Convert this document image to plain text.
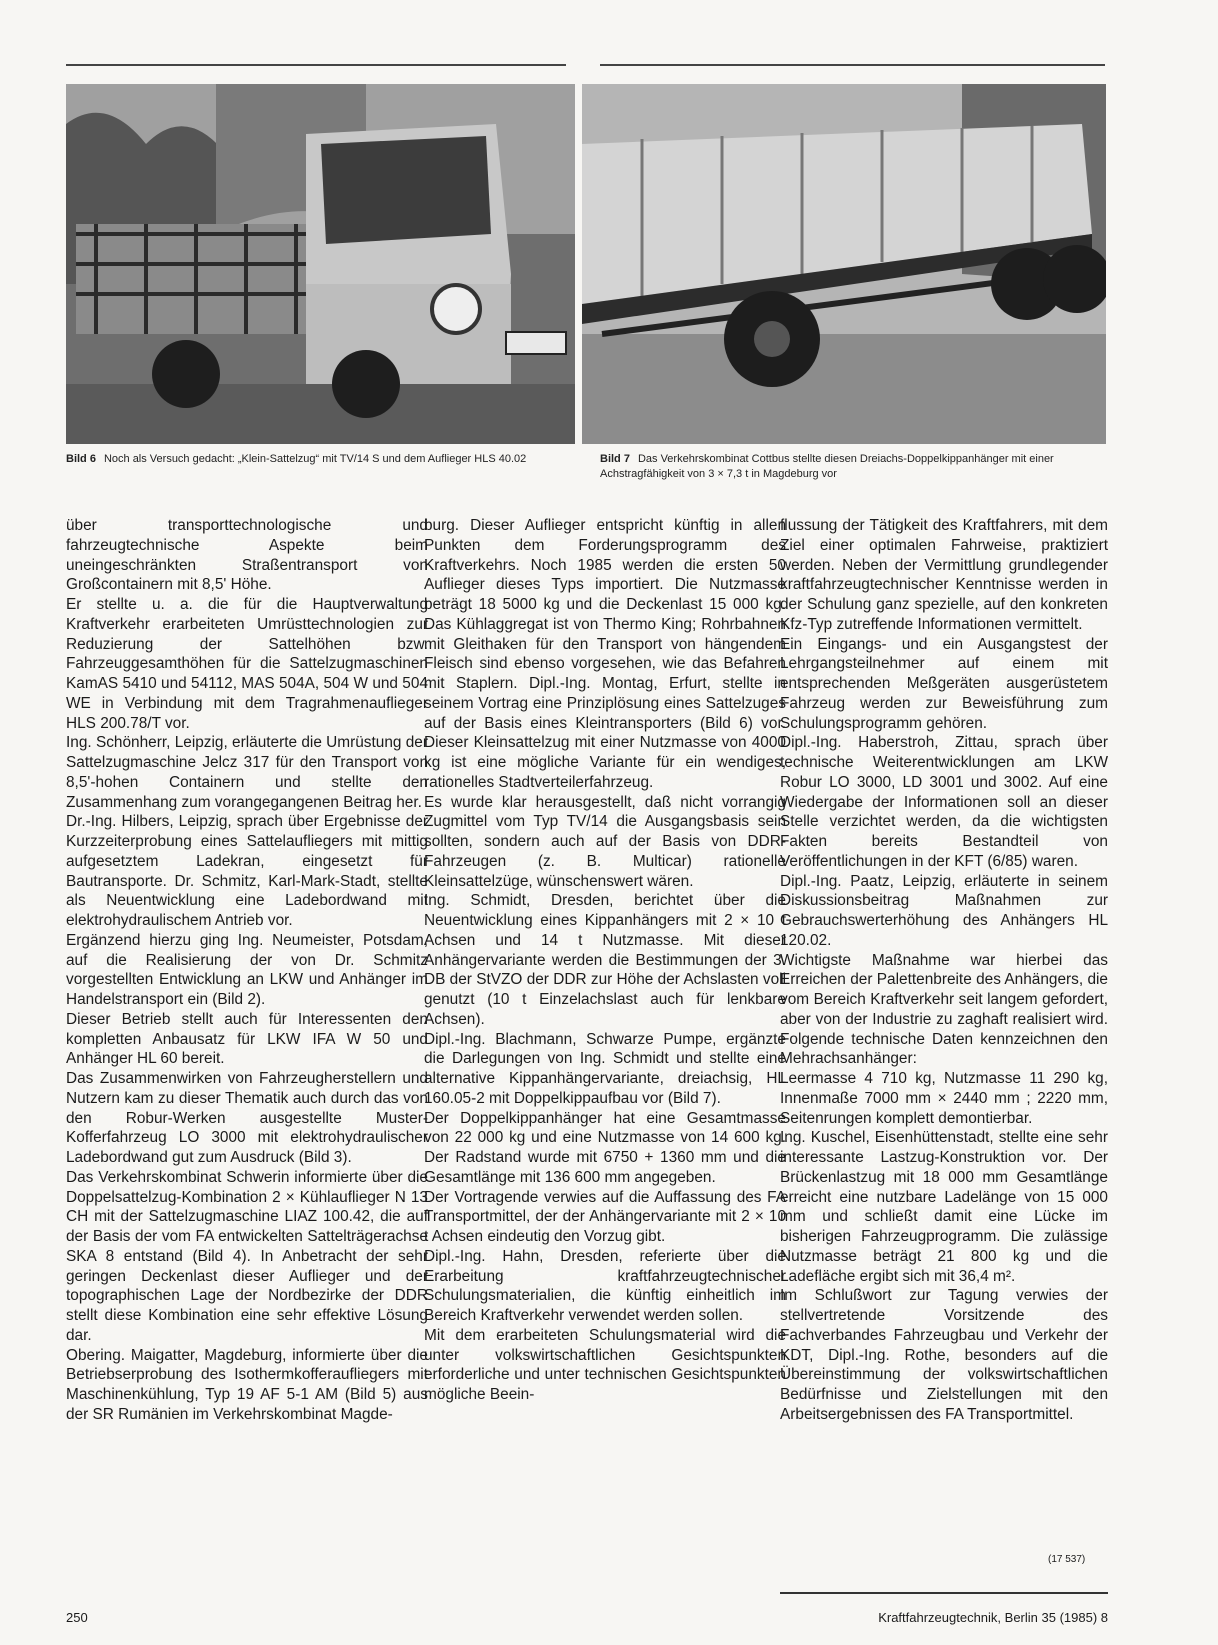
Bild 6 Noch als Versuch gedacht: „Klein-Sattelzug“ mit TV/14 S und dem Auflieger HLS 40.02	Bild 7 Das Verkehrskombinat Cottbus stellte diesen Dreiachs-Doppelkippanhänger mit einer Achstragfähigkeit von 3 × 7,3 t in Magdeburg vor

über transporttechnologische und fahrzeugtechnische Aspekte beim uneingeschränkten Straßentransport von Großcontainern mit 8,5' Höhe.

Er stellte u. a. die für die Hauptverwaltung Kraftverkehr erarbeiteten Umrüsttechnologien zur Reduzierung der Sattelhöhen bzw. Fahrzeuggesamthöhen für die Sattelzugmaschinen KamAS 5410 und 54112, MAS 504A, 504 W und 504 WE in Verbindung mit dem Tragrahmenauflieger HLS 200.78/T vor.

Ing. Schönherr, Leipzig, erläuterte die Umrüstung der Sattelzugmaschine Jelcz 317 für den Transport von 8,5'-hohen Containern und stellte den Zusammenhang zum vorangegangenen Beitrag her.

Dr.-Ing. Hilbers, Leipzig, sprach über Ergebnisse der Kurzzeiterprobung eines Sattelaufliegers mit mittig aufgesetztem Ladekran, eingesetzt für Bautransporte. Dr. Schmitz, Karl-Mark-Stadt, stellte als Neuentwicklung eine Ladebordwand mit elektrohydraulischem Antrieb vor.

Ergänzend hierzu ging Ing. Neumeister, Potsdam, auf die Realisierung der von Dr. Schmitz vorgestellten Entwicklung an LKW und Anhänger im Handelstransport ein (Bild 2).

Dieser Betrieb stellt auch für Interessenten den kompletten Anbausatz für LKW IFA W 50 und Anhänger HL 60 bereit.

Das Zusammenwirken von Fahrzeugherstellern und Nutzern kam zu dieser Thematik auch durch das von den Robur-Werken ausgestellte Muster-Kofferfahrzeug LO 3000 mit elektrohydraulischer Ladebordwand gut zum Ausdruck (Bild 3).

Das Verkehrskombinat Schwerin informierte über die Doppelsattelzug-Kombination 2 × Kühlauflieger N 13 CH mit der Sattelzugmaschine LIAZ 100.42, die auf der Basis der vom FA entwickelten Sattelträgerachse SKA 8 entstand (Bild 4). In Anbetracht der sehr geringen Deckenlast dieser Auflieger und der topographischen Lage der Nordbezirke der DDR stellt diese Kombination eine sehr effektive Lösung dar.

Obering. Maigatter, Magdeburg, informierte über die Betriebserprobung des Isothermkofferaufliegers mit Maschinenkühlung, Typ 19 AF 5-1 AM (Bild 5) aus der SR Rumänien im Verkehrskombinat Magde-

burg. Dieser Auflieger entspricht künftig in allen Punkten dem Forderungsprogramm des Kraftverkehrs. Noch 1985 werden die ersten 50 Auflieger dieses Typs importiert. Die Nutzmasse beträgt 18 5000 kg und die Deckenlast 15 000 kg. Das Kühlaggregat ist von Thermo King; Rohrbahnen mit Gleithaken für den Transport von hängendem Fleisch sind ebenso vorgesehen, wie das Befahren mit Staplern. Dipl.-Ing. Montag, Erfurt, stellte in seinem Vortrag eine Prinziplösung eines Sattelzuges auf der Basis eines Kleintransporters (Bild 6) vor. Dieser Kleinsattelzug mit einer Nutzmasse von 4000 kg ist eine mögliche Variante für ein wendiges, rationelles Stadtverteilerfahrzeug.

Es wurde klar herausgestellt, daß nicht vorrangig Zugmittel vom Typ TV/14 die Ausgangsbasis sein sollten, sondern auch auf der Basis von DDR-Fahrzeugen (z. B. Multicar) rationelle Kleinsattelzüge, wünschenswert wären.

Ing. Schmidt, Dresden, berichtet über die Neuentwicklung eines Kippanhängers mit 2 × 10 t Achsen und 14 t Nutzmasse. Mit dieser Anhängervariante werden die Bestimmungen der 3. DB der StVZO der DDR zur Höhe der Achslasten voll genutzt (10 t Einzelachslast auch für lenkbare Achsen).

Dipl.-Ing. Blachmann, Schwarze Pumpe, ergänzte die Darlegungen von Ing. Schmidt und stellte eine alternative Kippanhängervariante, dreiachsig, HL 160.05-2 mit Doppelkippaufbau vor (Bild 7).

Der Doppelkippanhänger hat eine Gesamtmasse von 22 000 kg und eine Nutzmasse von 14 600 kg. Der Radstand wurde mit 6750 + 1360 mm und die Gesamtlänge mit 136 600 mm angegeben.

Der Vortragende verwies auf die Auffassung des FA Transportmittel, der der Anhängervariante mit 2 × 10 t Achsen eindeutig den Vorzug gibt.

Dipl.-Ing. Hahn, Dresden, referierte über die Erarbeitung kraftfahrzeugtechnischer Schulungsmaterialien, die künftig einheitlich im Bereich Kraftverkehr verwendet werden sollen.

Mit dem erarbeiteten Schulungsmaterial wird die unter volkswirtschaftlichen Gesichtspunkten erforderliche und unter technischen Gesichtspunkten mögliche Beein-

flussung der Tätigkeit des Kraftfahrers, mit dem Ziel einer optimalen Fahrweise, praktiziert werden. Neben der Vermittlung grundlegender kraftfahrzeugtechnischer Kenntnisse werden in der Schulung ganz spezielle, auf den konkreten Kfz-Typ zutreffende Informationen vermittelt.

Ein Eingangs- und ein Ausgangstest der Lehrgangsteilnehmer auf einem mit entsprechenden Meßgeräten ausgerüstetem Fahrzeug werden zur Beweisführung zum Schulungsprogramm gehören.

Dipl.-Ing. Haberstroh, Zittau, sprach über technische Weiterentwicklungen am LKW Robur LO 3000, LD 3001 und 3002. Auf eine Wiedergabe der Informationen soll an dieser Stelle verzichtet werden, da die wichtigsten Fakten bereits Bestandteil von Veröffentlichungen in der KFT (6/85) waren.

Dipl.-Ing. Paatz, Leipzig, erläuterte in seinem Diskussionsbeitrag Maßnahmen zur Gebrauchswerterhöhung des Anhängers HL 120.02.

Wichtigste Maßnahme war hierbei das Erreichen der Palettenbreite des Anhängers, die vom Bereich Kraftverkehr seit langem gefordert, aber von der Industrie zu zaghaft realisiert wird. Folgende technische Daten kennzeichnen den Mehrachsanhänger:

Leermasse 4 710 kg, Nutzmasse 11 290 kg, Innenmaße 7000 mm × 2440 mm ; 2220 mm, Seitenrungen komplett demontierbar.

Ing. Kuschel, Eisenhüttenstadt, stellte eine sehr interessante Lastzug-Konstruktion vor. Der Brückenlastzug mit 18 000 mm Gesamtlänge erreicht eine nutzbare Ladelänge von 15 000 mm und schließt damit eine Lücke im bisherigen Fahrzeugprogramm. Die zulässige Nutzmasse beträgt 21 800 kg und die Ladefläche ergibt sich mit 36,4 m².

Im Schlußwort zur Tagung verwies der stellvertretende Vorsitzende des Fachverbandes Fahrzeugbau und Verkehr der KDT, Dipl.-Ing. Rothe, besonders auf die Übereinstimmung der volkswirtschaftlichen Bedürfnisse und Zielstellungen mit den Arbeitsergebnissen des FA Transportmittel.

(17 537)
250	Kraftfahrzeugtechnik, Berlin 35 (1985) 8
